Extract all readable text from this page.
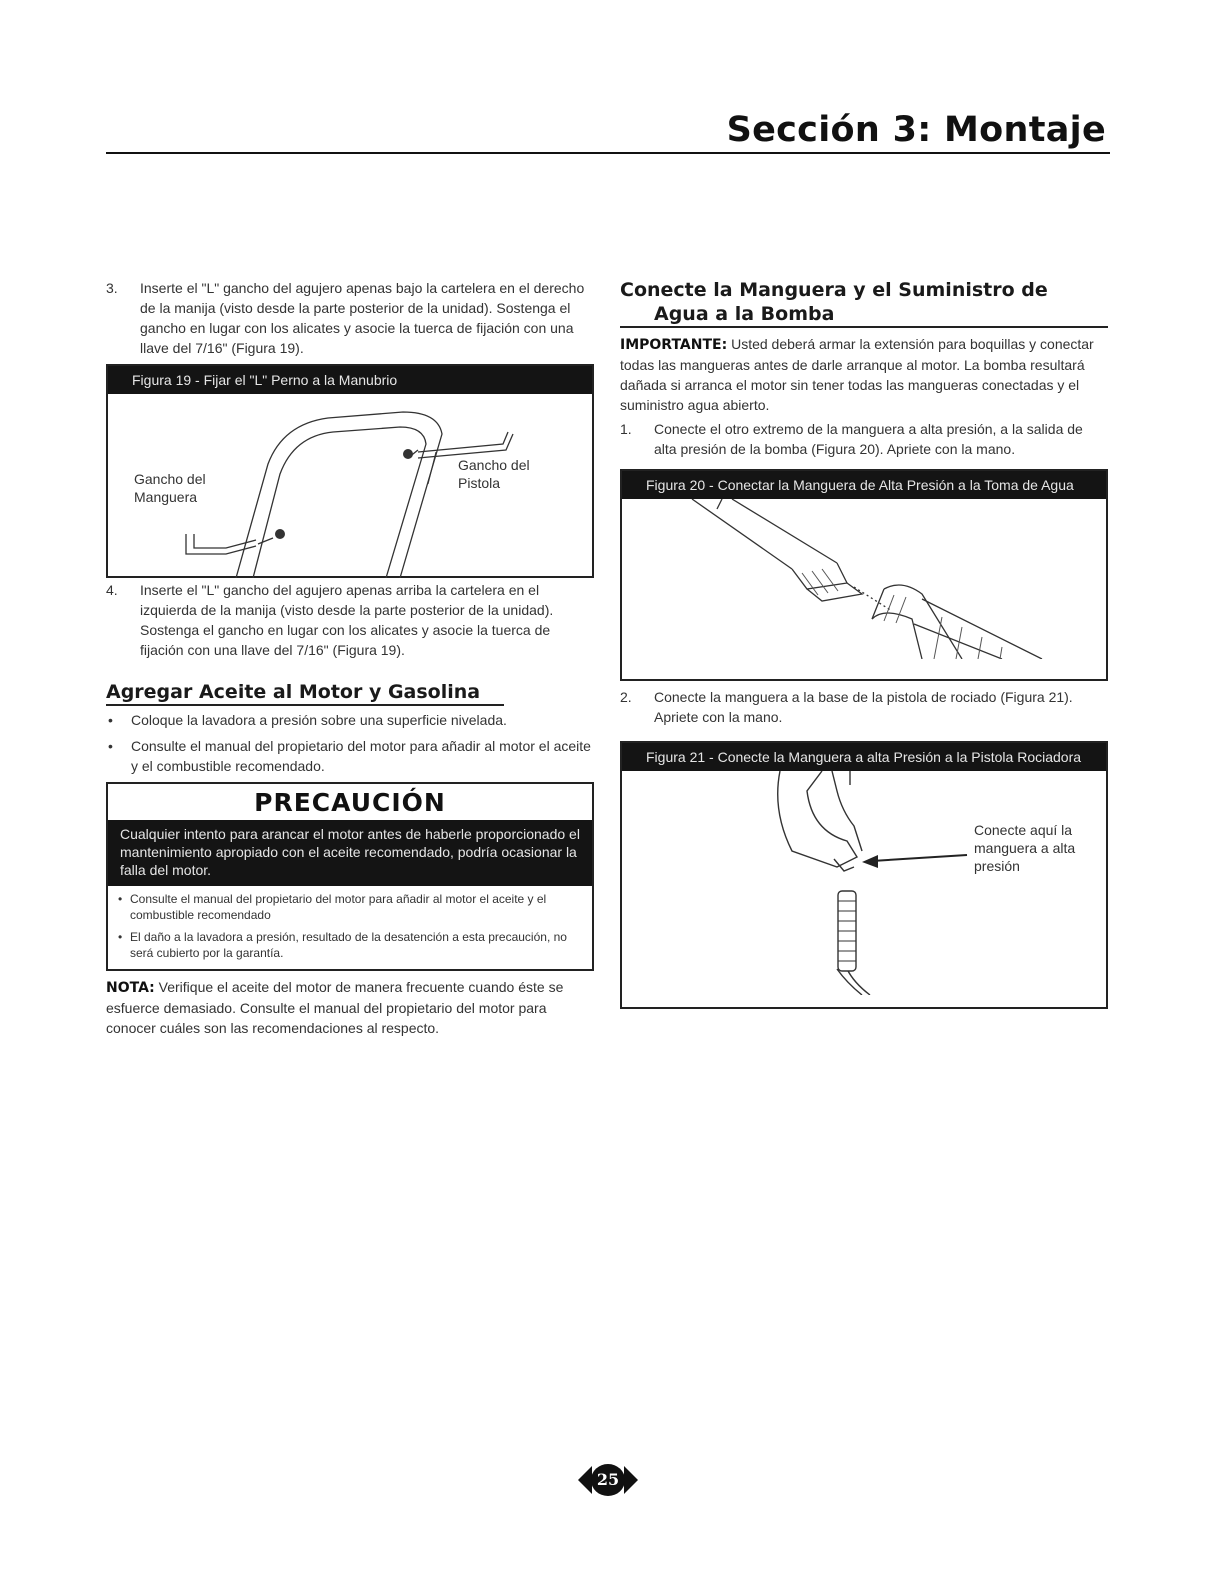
Sección 3: Montaje
3.	Inserte el "L" gancho del agujero apenas bajo la cartelera en el derecho de la manija (visto desde la parte posterior de la unidad). Sostenga el gancho en lugar con los alicates y asocie la tuerca de fijación con una llave del 7/16" (Figura 19).
Figura 19 - Fijar el "L" Perno a la Manubrio
Gancho del Manguera
Gancho del Pistola
4.	Inserte el "L" gancho del agujero apenas arriba la cartelera en el izquierda de la manija (visto desde la parte posterior de la unidad). Sostenga el gancho en lugar con los alicates y asocie la tuerca de fijación con una llave del 7/16" (Figura 19).
Agregar Aceite al Motor y Gasolina
•	Coloque la lavadora a presión sobre una superficie nivelada.
•	Consulte el manual del propietario del motor para añadir al motor el aceite y el combustible recomendado.
PRECAUCIÓN
Cualquier intento para arancar el motor antes de haberle proporcionado el mantenimiento apropiado con el aceite recomendado, podría ocasionar la falla del motor.
• Consulte el manual del propietario del motor para añadir al motor el aceite y el combustible recomendado
• El daño a la lavadora a presión, resultado de la desatención a esta precaución, no será cubierto por la garantía.

NOTA: Verifique el aceite del motor de manera frecuente cuando éste se esfuerce demasiado. Consulte el manual del propietario del motor para conocer cuáles son las recomendaciones al respecto.

Conecte la Manguera y el Suministro de
Agua a la Bomba

IMPORTANTE: Usted deberá armar la extensión para boquillas y conectar todas las mangueras antes de darle arranque al motor. La bomba resultará dañada si arranca el motor sin tener todas las mangueras conectadas y el suministro agua abierto.

1.	Conecte el otro extremo de la manguera a alta presión, a la salida de alta presión de la bomba (Figura 20). Apriete con la mano.
Figura 20 - Conectar la Manguera de Alta Presión a la Toma de Agua
2.	Conecte la manguera a la base de la pistola de rociado (Figura 21). Apriete con la mano.
Figura 21 - Conecte la Manguera a alta Presión a la Pistola Rociadora
Conecte aquí la manguera a alta presión
25
